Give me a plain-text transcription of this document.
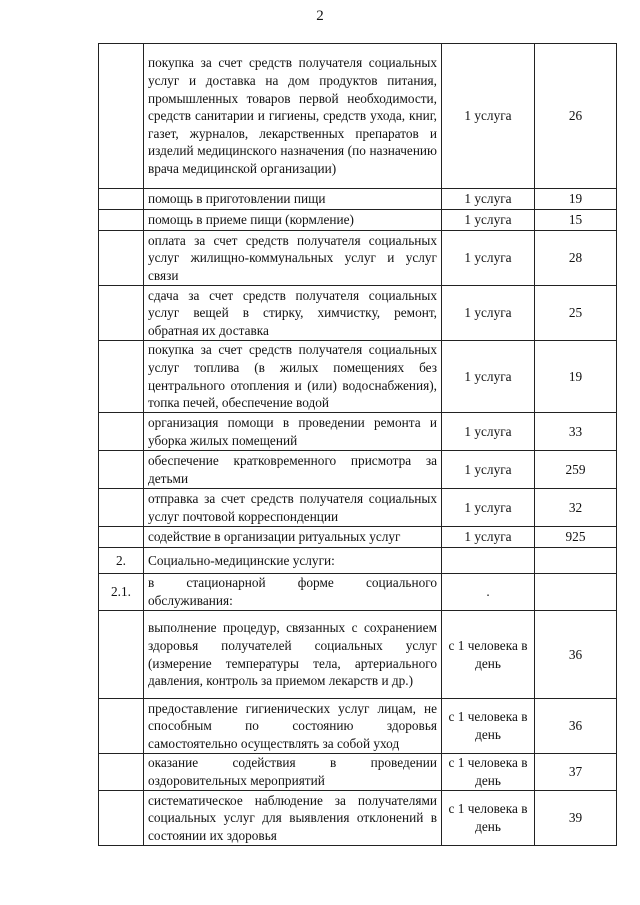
2
	покупка за счет средств получателя социальных услуг и доставка на дом продуктов питания, промышленных товаров первой необходимости, средств санитарии и гигиены, средств ухода, книг, газет, журналов, лекарственных препаратов и изделий медицинского назначения (по назначению врача медицинской организации)	1 услуга	26
	помощь в приготовлении пищи	1 услуга	19
	помощь в приеме пищи (кормление)	1 услуга	15
	оплата за счет средств получателя социальных услуг жилищно-коммунальных услуг и услуг связи	1 услуга	28
	сдача за счет средств получателя социальных услуг вещей в стирку, химчистку, ремонт, обратная их доставка	1 услуга	25
	покупка за счет средств получателя социальных услуг топлива (в жилых помещениях без центрального отопления и (или) водоснабжения), топка печей, обеспечение водой	1 услуга	19
	организация помощи в проведении ремонта и уборка жилых помещений	1 услуга	33
	обеспечение кратковременного присмотра за детьми	1 услуга	259
	отправка за счет средств получателя социальных услуг почтовой корреспонденции	1 услуга	32
	содействие в организации ритуальных услуг	1 услуга	925
2.	Социально-медицинские услуги:		
2.1.	в стационарной форме социального обслуживания:	.	
	выполнение процедур, связанных с сохранением здоровья получателей социальных услуг (измерение температуры тела, артериального давления, контроль за приемом лекарств и др.)	с 1 человека в день	36
	предоставление гигиенических услуг лицам, не способным по состоянию здоровья самостоятельно осуществлять за собой уход	с 1 человека в день	36
	оказание содействия в проведении оздоровительных мероприятий	с 1 человека в день	37
	систематическое наблюдение за получателями социальных услуг для выявления отклонений в состоянии их здоровья	с 1 человека в день	39
